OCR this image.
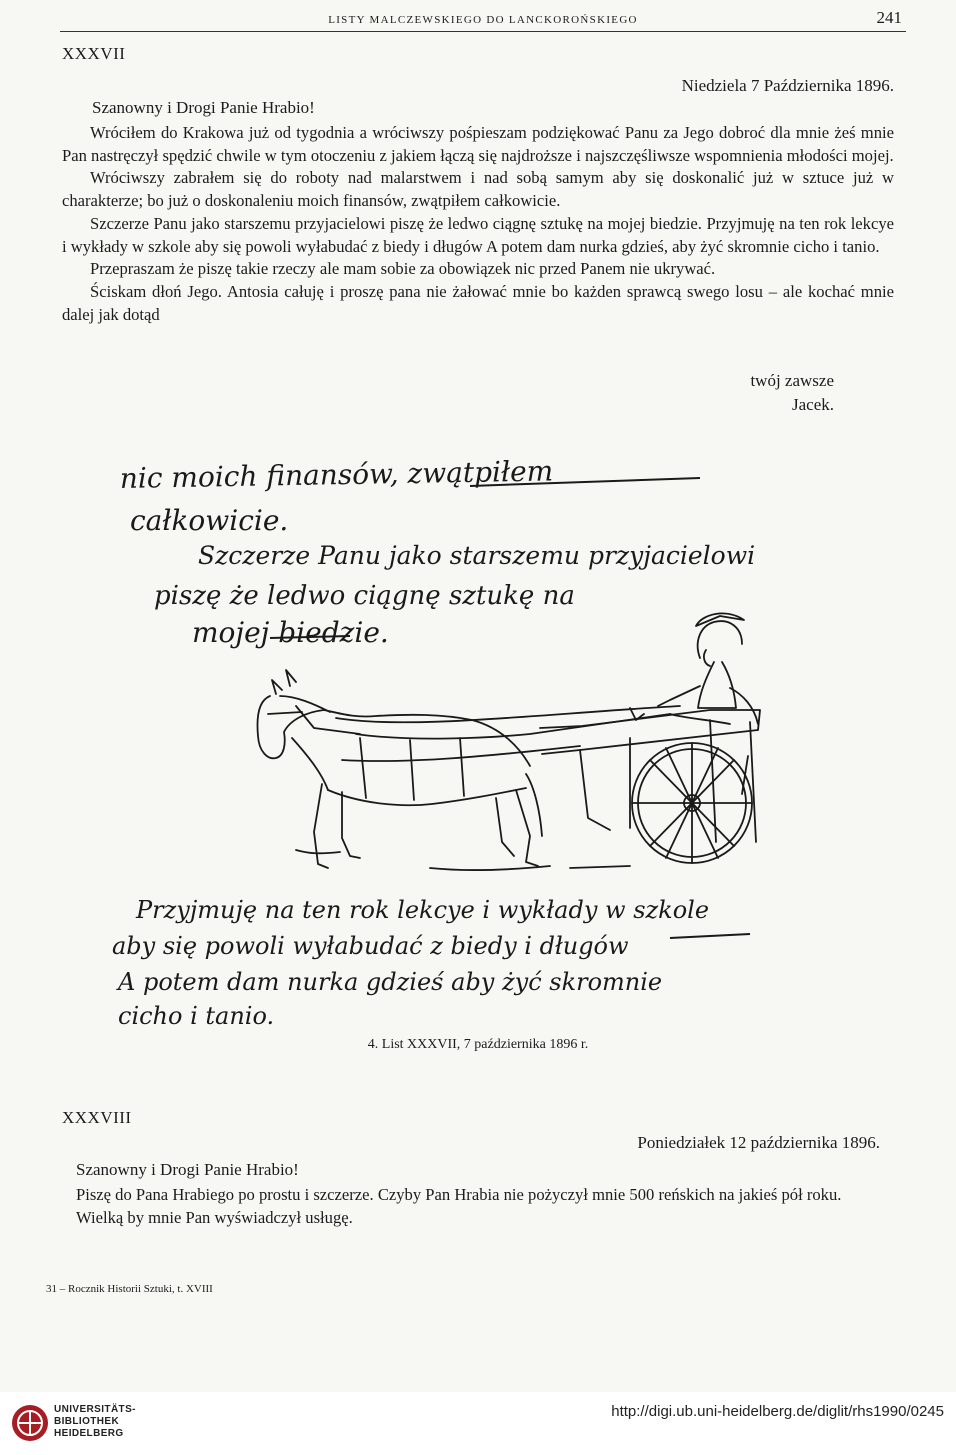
LISTY MALCZEWSKIEGO DO LANCKOROŃSKIEGO	241
XXXVII
Niedziela 7 Października 1896.
Szanowny i Drogi Panie Hrabio!

Wróciłem do Krakowa już od tygodnia a wróciwszy pośpieszam podziękować Panu za Jego dobroć dla mnie żeś mnie Pan nastręczył spędzić chwile w tym otoczeniu z jakiem łączą się najdroższe i najszczęśliwsze wspomnienia młodości mojej.

Wróciwszy zabrałem się do roboty nad malarstwem i nad sobą samym aby się doskonalić już w sztuce już w charakterze; bo już o doskonaleniu moich finansów, zwątpiłem całkowicie.

Szczerze Panu jako starszemu przyjacielowi piszę że ledwo ciągnę sztukę na mojej biedzie. Przyjmuję na ten rok lekcye i wykłady w szkole aby się powoli wyłabudać z biedy i długów A potem dam nurka gdzieś, aby żyć skromnie cicho i tanio.

Przepraszam że piszę takie rzeczy ale mam sobie za obowiązek nic przed Panem nie ukrywać.

Ściskam dłoń Jego. Antosia całuję i proszę pana nie żałować mnie bo każden sprawcą swego losu – ale kochać mnie dalej jak dotąd

twój zawsze
Jacek.
nic moich finansów, zwątpiłem
całkowicie.
Szczerze Panu jako starszemu przyjacielowi
piszę że ledwo ciągnę sztukę na
mojej biedzie.
Przyjmuję na ten rok lekcye i wykłady w szkole
aby się powoli wyłabudać z biedy i długów
A potem dam nurka gdzieś aby żyć skromnie
cicho i tanio.
4. List XXXVII, 7 października 1896 r.
XXXVIII
Poniedziałek 12 października 1896.
Szanowny i Drogi Panie Hrabio!

Piszę do Pana Hrabiego po prostu i szczerze. Czyby Pan Hrabia nie pożyczył mnie 500 reńskich na jakieś pół roku.

Wielką by mnie Pan wyświadczył usługę.

31 – Rocznik Historii Sztuki, t. XVIII
UNIVERSITÄTS-
BIBLIOTHEK
HEIDELBERG
http://digi.ub.uni-heidelberg.de/diglit/rhs1990/0245
